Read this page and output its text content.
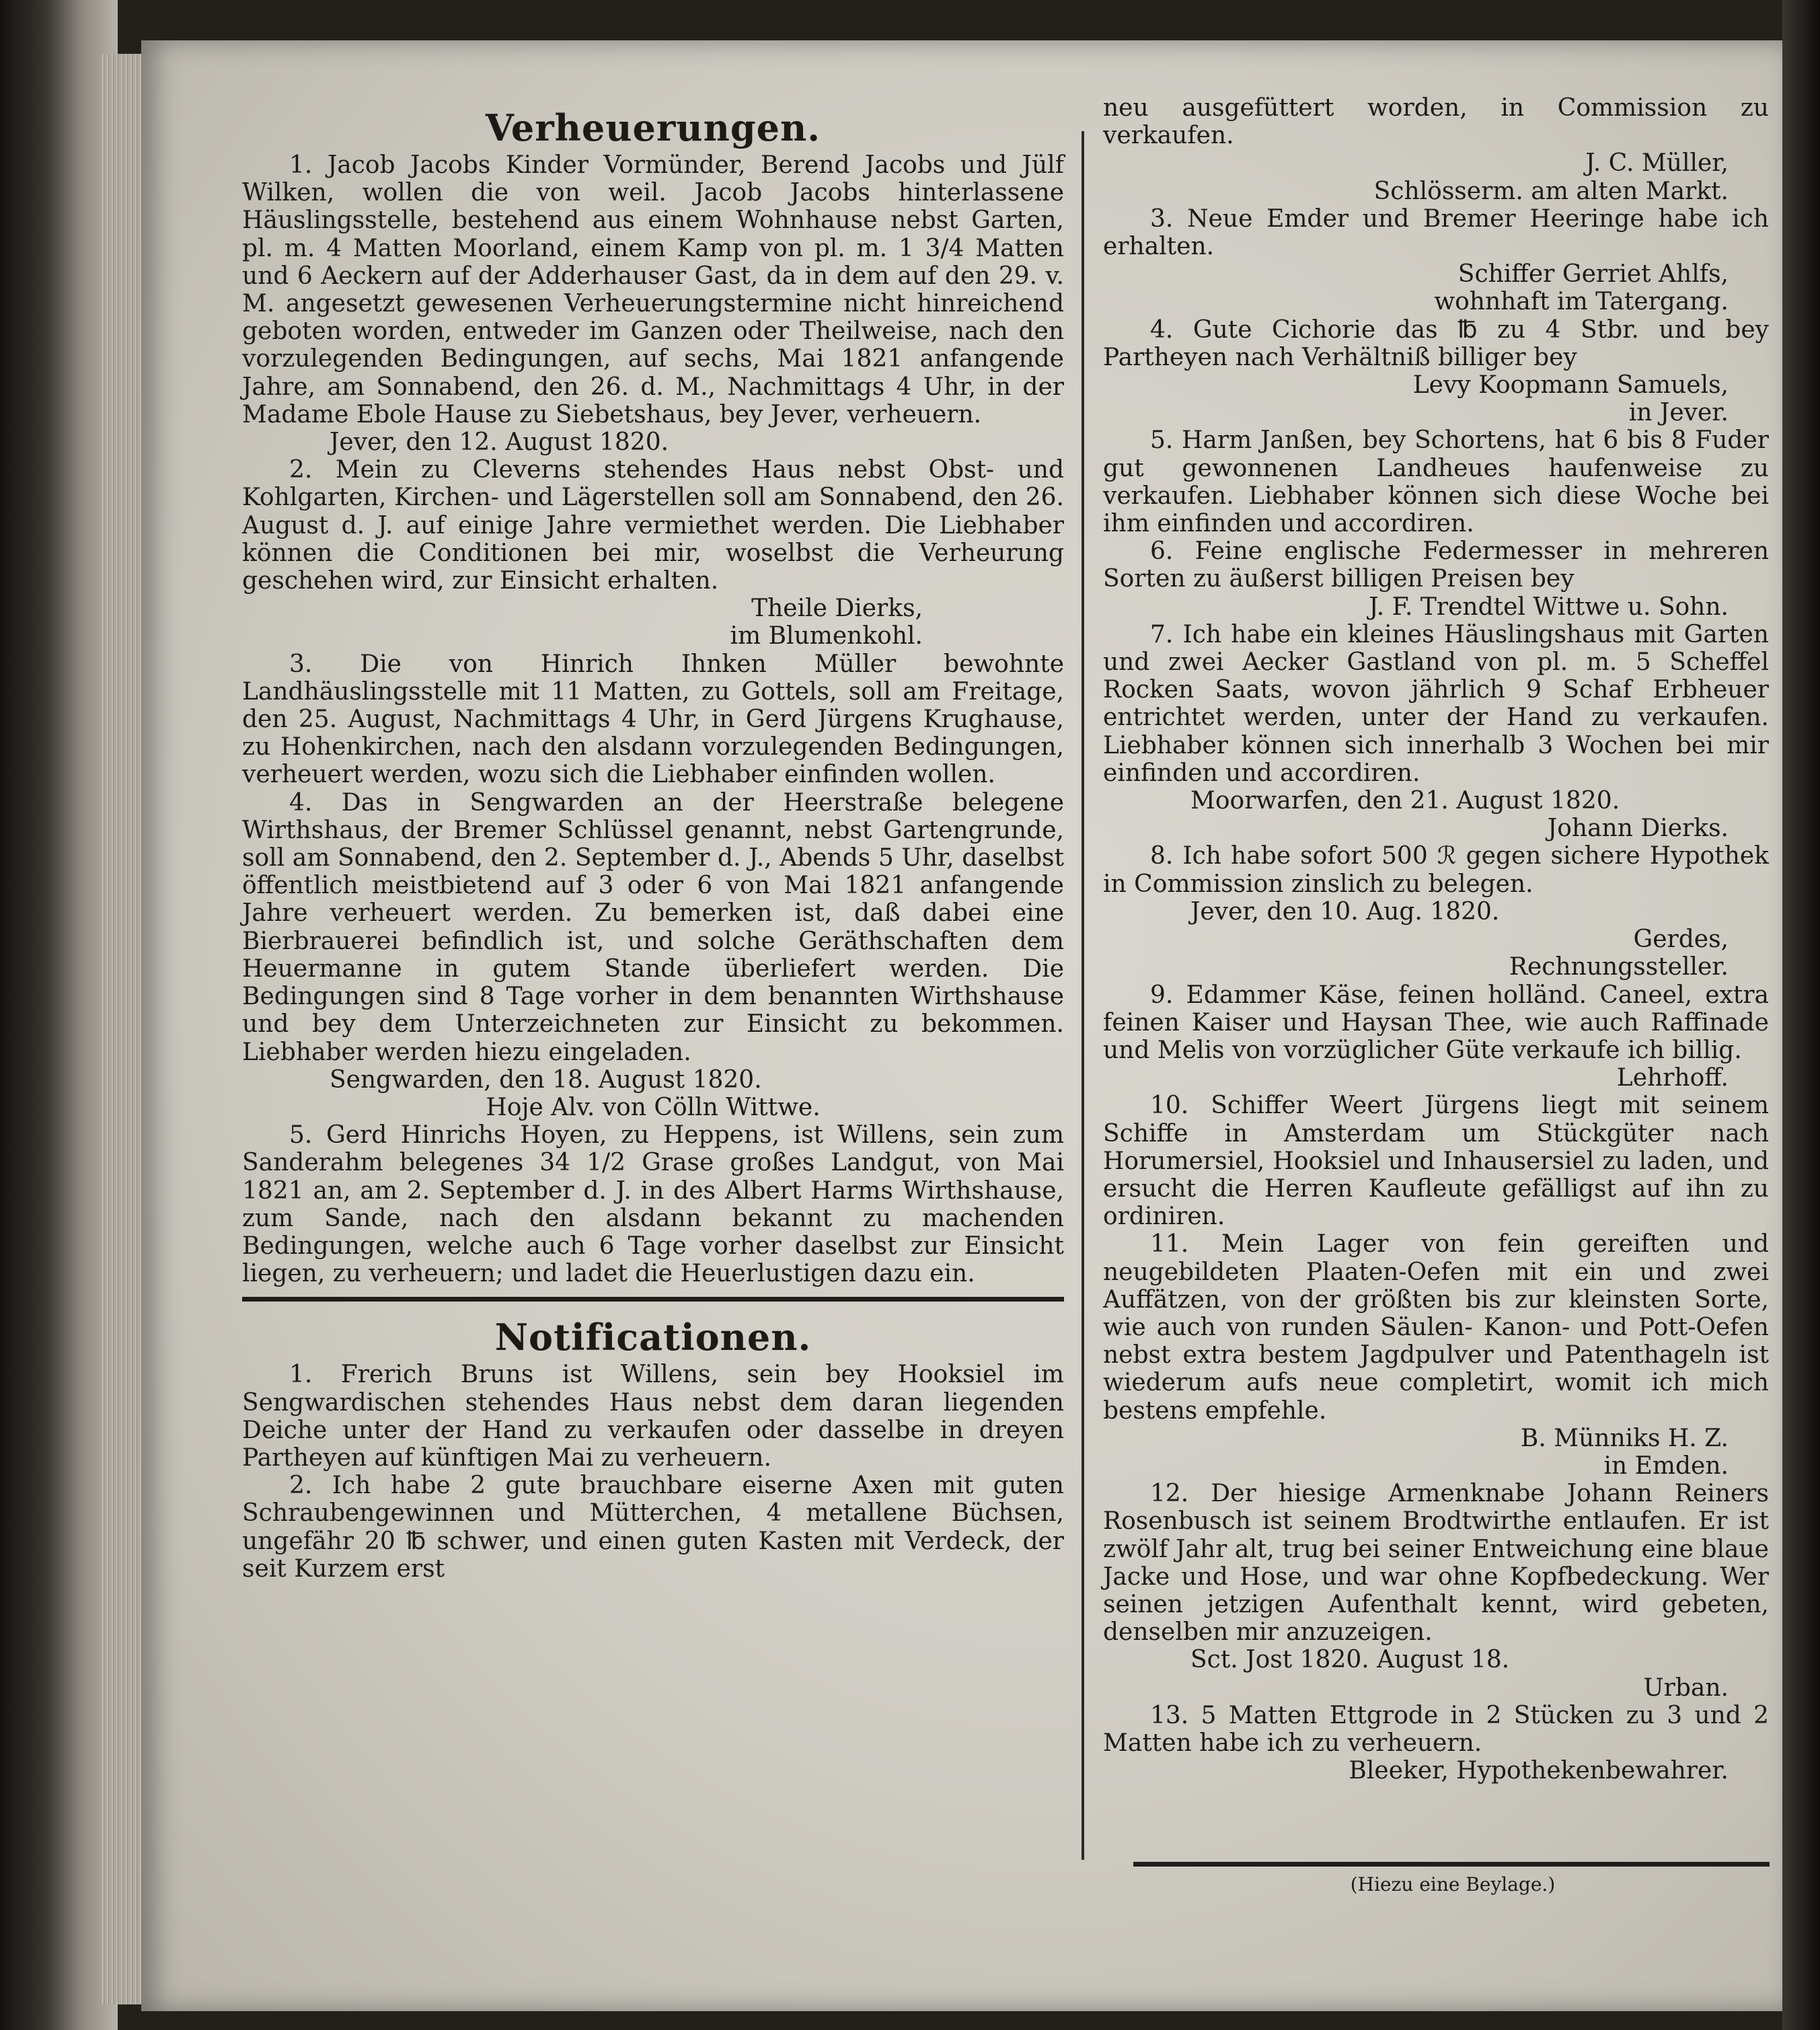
Verheuerungen.

1. Jacob Jacobs Kinder Vormünder, Berend Jacobs und Jülf Wilken, wollen die von weil. Jacob Jacobs hinterlassene Häuslingsstelle, bestehend aus einem Wohnhause nebst Garten, pl. m. 4 Matten Moorland, einem Kamp von pl. m. 1 3/4 Matten und 6 Aeckern auf der Adderhauser Gast, da in dem auf den 29. v. M. angesetzt gewesenen Verheuerungstermine nicht hinreichend geboten worden, entweder im Ganzen oder Theilweise, nach den vorzulegenden Bedingungen, auf sechs, Mai 1821 anfangende Jahre, am Sonnabend, den 26. d. M., Nachmittags 4 Uhr, in der Madame Ebole Hause zu Siebetshaus, bey Jever, verheuern.

Jever, den 12. August 1820.

2. Mein zu Cleverns stehendes Haus nebst Obst- und Kohlgarten, Kirchen- und Lägerstellen soll am Sonnabend, den 26. August d. J. auf einige Jahre vermiethet werden. Die Liebhaber können die Conditionen bei mir, woselbst die Verheurung geschehen wird, zur Einsicht erhalten.

Theile Dierks,

im Blumenkohl.

3. Die von Hinrich Ihnken Müller bewohnte Landhäuslingsstelle mit 11 Matten, zu Gottels, soll am Freitage, den 25. August, Nachmittags 4 Uhr, in Gerd Jürgens Krughause, zu Hohenkirchen, nach den alsdann vorzulegenden Bedingungen, verheuert werden, wozu sich die Liebhaber einfinden wollen.

4. Das in Sengwarden an der Heerstraße belegene Wirthshaus, der Bremer Schlüssel genannt, nebst Gartengrunde, soll am Sonnabend, den 2. September d. J., Abends 5 Uhr, daselbst öffentlich meistbietend auf 3 oder 6 von Mai 1821 anfangende Jahre verheuert werden. Zu bemerken ist, daß dabei eine Bierbrauerei befindlich ist, und solche Geräthschaften dem Heuermanne in gutem Stande überliefert werden. Die Bedingungen sind 8 Tage vorher in dem benannten Wirthshause und bey dem Unterzeichneten zur Einsicht zu bekommen. Liebhaber werden hiezu eingeladen.

Sengwarden, den 18. August 1820.

Hoje Alv. von Cölln Wittwe.

5. Gerd Hinrichs Hoyen, zu Heppens, ist Willens, sein zum Sanderahm belegenes 34 1/2 Grase großes Landgut, von Mai 1821 an, am 2. September d. J. in des Albert Harms Wirthshause, zum Sande, nach den alsdann bekannt zu machenden Bedingungen, welche auch 6 Tage vorher daselbst zur Einsicht liegen, zu verheuern; und ladet die Heuerlustigen dazu ein.

Notificationen.

1. Frerich Bruns ist Willens, sein bey Hooksiel im Sengwardischen stehendes Haus nebst dem daran liegenden Deiche unter der Hand zu verkaufen oder dasselbe in dreyen Partheyen auf künftigen Mai zu verheuern.

2. Ich habe 2 gute brauchbare eiserne Axen mit guten Schraubengewinnen und Mütterchen, 4 metallene Büchsen, ungefähr 20 ℔ schwer, und einen guten Kasten mit Verdeck, der seit Kurzem erst

neu ausgefüttert worden, in Commission zu verkaufen.

J. C. Müller,

Schlösserm. am alten Markt.

3. Neue Emder und Bremer Heeringe habe ich erhalten.

Schiffer Gerriet Ahlfs,

wohnhaft im Tatergang.

4. Gute Cichorie das ℔ zu 4 Stbr. und bey Partheyen nach Verhältniß billiger bey

Levy Koopmann Samuels,

in Jever.

5. Harm Janßen, bey Schortens, hat 6 bis 8 Fuder gut gewonnenen Landheues haufenweise zu verkaufen. Liebhaber können sich diese Woche bei ihm einfinden und accordiren.

6. Feine englische Federmesser in mehreren Sorten zu äußerst billigen Preisen bey

J. F. Trendtel Wittwe u. Sohn.

7. Ich habe ein kleines Häuslingshaus mit Garten und zwei Aecker Gastland von pl. m. 5 Scheffel Rocken Saats, wovon jährlich 9 Schaf Erbheuer entrichtet werden, unter der Hand zu verkaufen. Liebhaber können sich innerhalb 3 Wochen bei mir einfinden und accordiren.

Moorwarfen, den 21. August 1820.

Johann Dierks.

8. Ich habe sofort 500 ℛ gegen sichere Hypothek in Commission zinslich zu belegen.

Jever, den 10. Aug. 1820.

Gerdes,

Rechnungssteller.

9. Edammer Käse, feinen holländ. Caneel, extra feinen Kaiser und Haysan Thee, wie auch Raffinade und Melis von vorzüglicher Güte verkaufe ich billig.

Lehrhoff.

10. Schiffer Weert Jürgens liegt mit seinem Schiffe in Amsterdam um Stückgüter nach Horumersiel, Hooksiel und Inhausersiel zu laden, und ersucht die Herren Kaufleute gefälligst auf ihn zu ordiniren.

11. Mein Lager von fein gereiften und neugebildeten Plaaten-Oefen mit ein und zwei Auffätzen, von der größten bis zur kleinsten Sorte, wie auch von runden Säulen- Kanon- und Pott-Oefen nebst extra bestem Jagdpulver und Patenthageln ist wiederum aufs neue completirt, womit ich mich bestens empfehle.

B. Münniks H. Z.

in Emden.

12. Der hiesige Armenknabe Johann Reiners Rosenbusch ist seinem Brodtwirthe entlaufen. Er ist zwölf Jahr alt, trug bei seiner Entweichung eine blaue Jacke und Hose, und war ohne Kopfbedeckung. Wer seinen jetzigen Aufenthalt kennt, wird gebeten, denselben mir anzuzeigen.

Sct. Jost 1820. August 18.

Urban.

13. 5 Matten Ettgrode in 2 Stücken zu 3 und 2 Matten habe ich zu verheuern.

Bleeker, Hypothekenbewahrer.

(Hiezu eine Beylage.)
